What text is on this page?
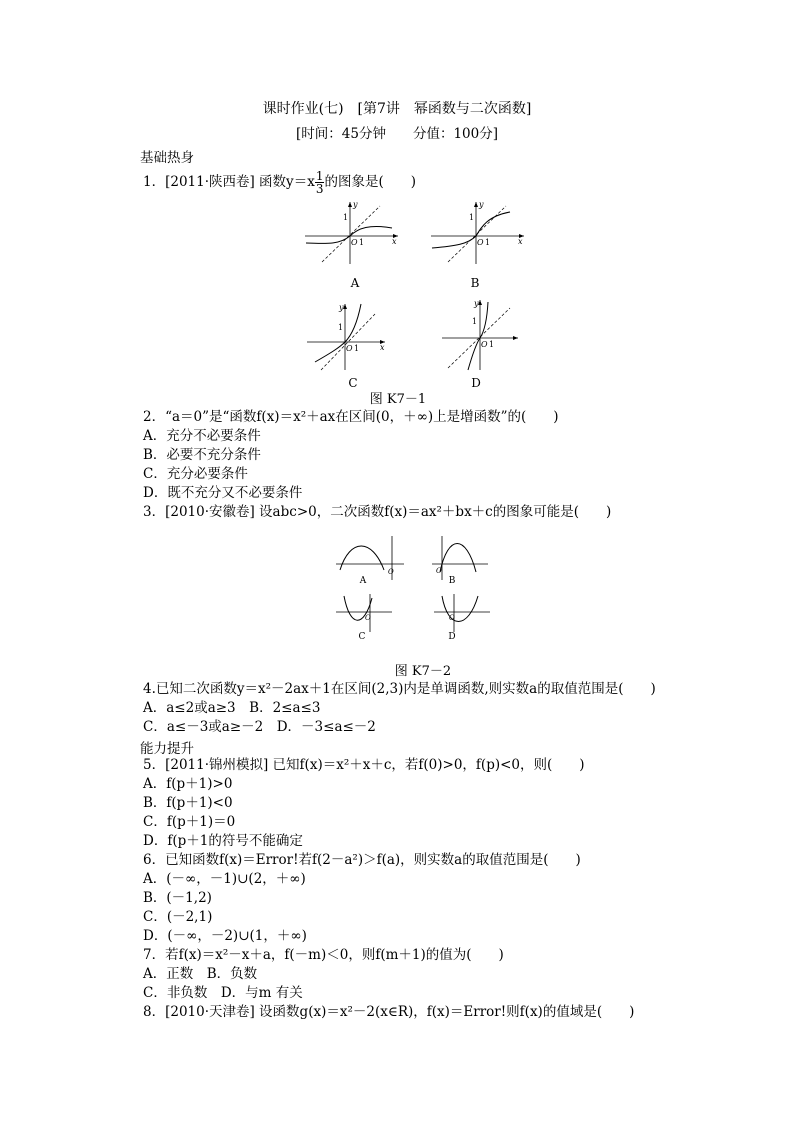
课时作业(七)　[第7讲　幂函数与二次函数]
[时间：45分钟　　分值：100分]
基础热身
1．[2011·陕西卷] 函数$y=x \frac{1}{3}$ 的图象是(　　)
y
x
1
O 1
A
y
x
1
O 1
B
y
x
1
O 1
C
y
1
O 1
D
图 K7－1
2．“a＝0”是“函数f(x)＝x²＋ax在区间(0，＋∞)上是增函数”的(　　)
A．充分不必要条件
B．必要不充分条件
C．充分必要条件
D．既不充分又不必要条件
3．[2010·安徽卷] 设abc>0，二次函数f(x)＝ax²＋bx＋c的图象可能是(　　)
O
A
O
B
O
C
O
D
图 K7－2
4.已知二次函数y＝x²－2ax＋1在区间(2,3)内是单调函数,则实数a的取值范围是(　　)
A．a≤2或a≥3　B．2≤a≤3
C．a≤－3或a≥－2　D．－3≤a≤－2
能力提升
5．[2011·锦州模拟] 已知f(x)＝x²＋x＋c，若f(0)>0，f(p)<0，则(　　)
A．f(p＋1)>0
B．f(p＋1)<0
C．f(p＋1)＝0
D．f(p＋1的符号不能确定
6．已知函数f(x)＝Error!若f(2－a²)＞f(a)，则实数a的取值范围是(　　)
A．(－∞，－1)∪(2，＋∞)
B．(－1,2)
C．(－2,1)
D．(－∞，－2)∪(1，＋∞)
7．若f(x)＝x²－x＋a，f(－m)＜0，则f(m＋1)的值为(　　)
A．正数　B．负数
C．非负数　D．与m 有关
8．[2010·天津卷] 设函数g(x)＝x²－2(x∈R)，f(x)＝Error!则f(x)的值域是(　　)
